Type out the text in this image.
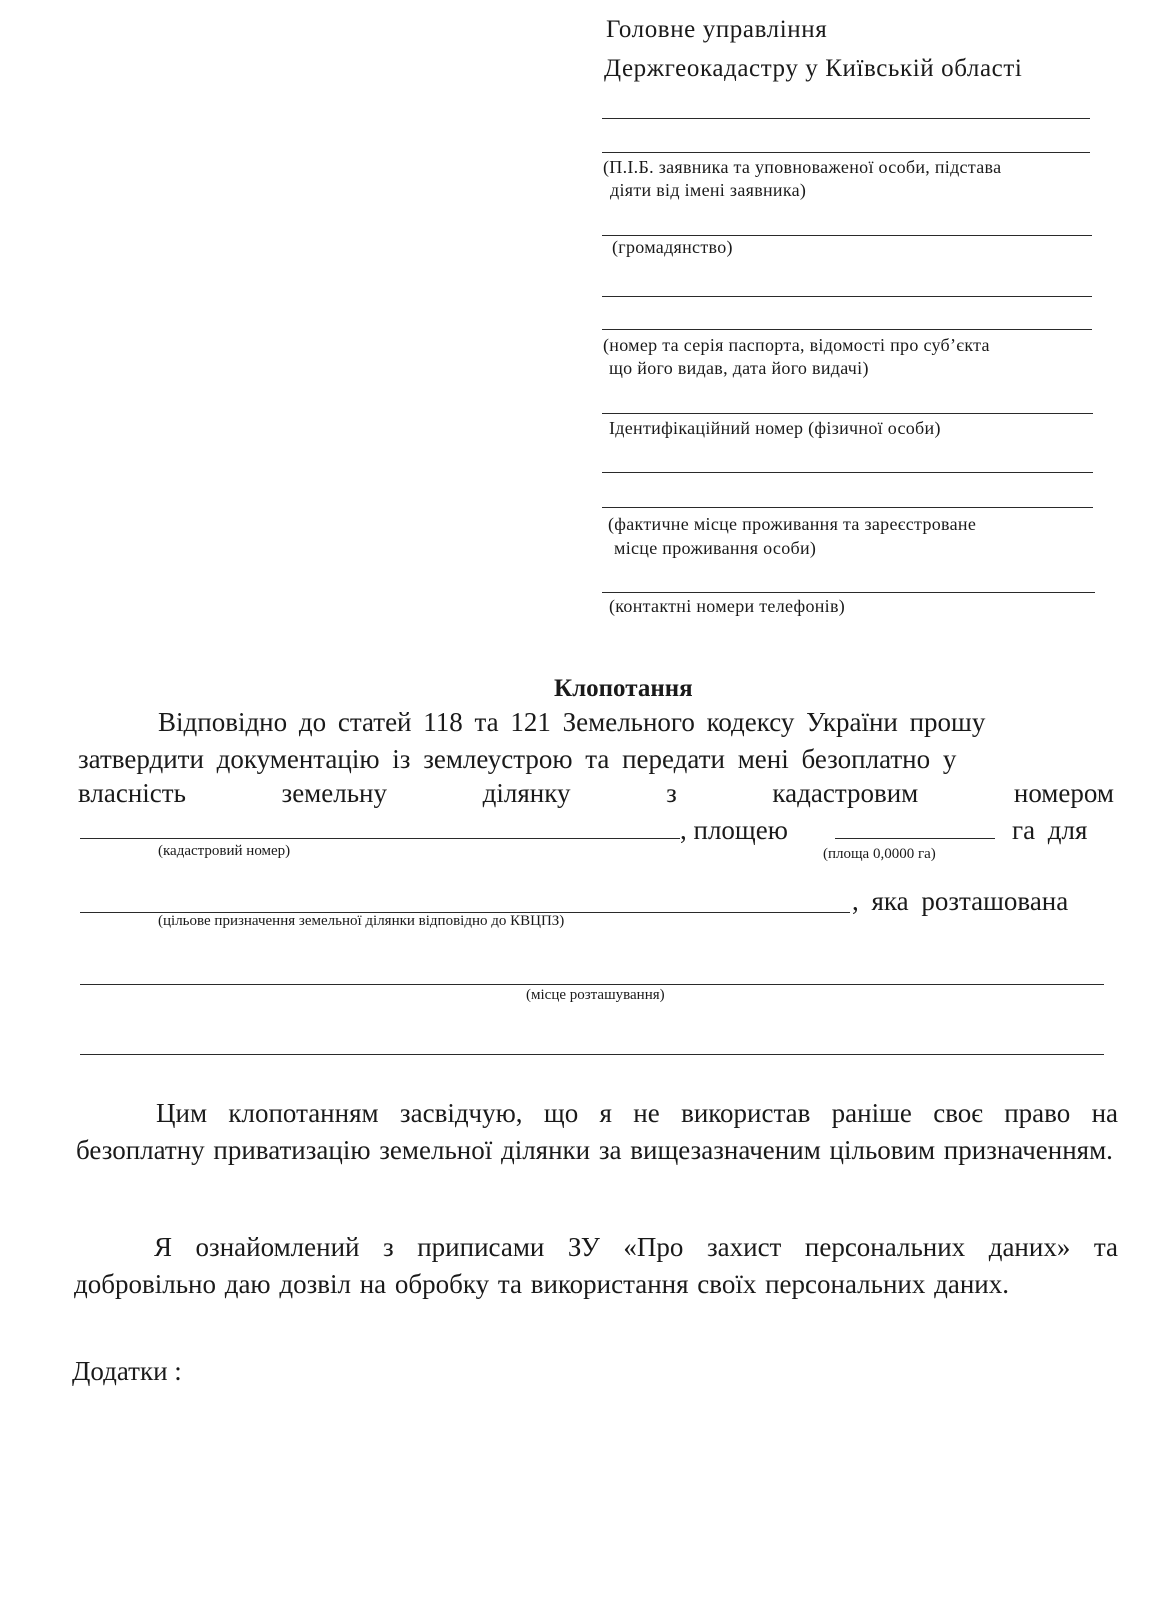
Головне управління
Держгеокадастру у Київській області
(П.І.Б. заявника та уповноваженої особи, підстава
діяти від імені заявника)
(громадянство)
(номер та серія паспорта, відомості про суб’єкта
що його видав, дата його видачі)
Ідентифікаційний номер (фізичної особи)
(фактичне місце проживання та зареєстроване
місце проживання особи)
(контактні номери телефонів)
Клопотання
Відповідно до статей 118 та 121 Земельного кодексу України прошу
затвердити документацію із землеустрою та передати мені безоплатно у
власність	земельну	ділянку	з	кадастровим	номером
, площею	га для
(кадастровий номер)	(площа 0,0000 га)
, яка розташована
(цільове призначення земельної ділянки відповідно до КВЦПЗ)
(місце розташування)
Цим клопотанням засвідчую, що я не використав раніше своє право на безоплатну приватизацію земельної ділянки за вищезазначеним цільовим призначенням.
Я ознайомлений з приписами ЗУ «Про захист персональних даних» та добровільно даю дозвіл на обробку та використання своїх персональних даних.
Додатки :
